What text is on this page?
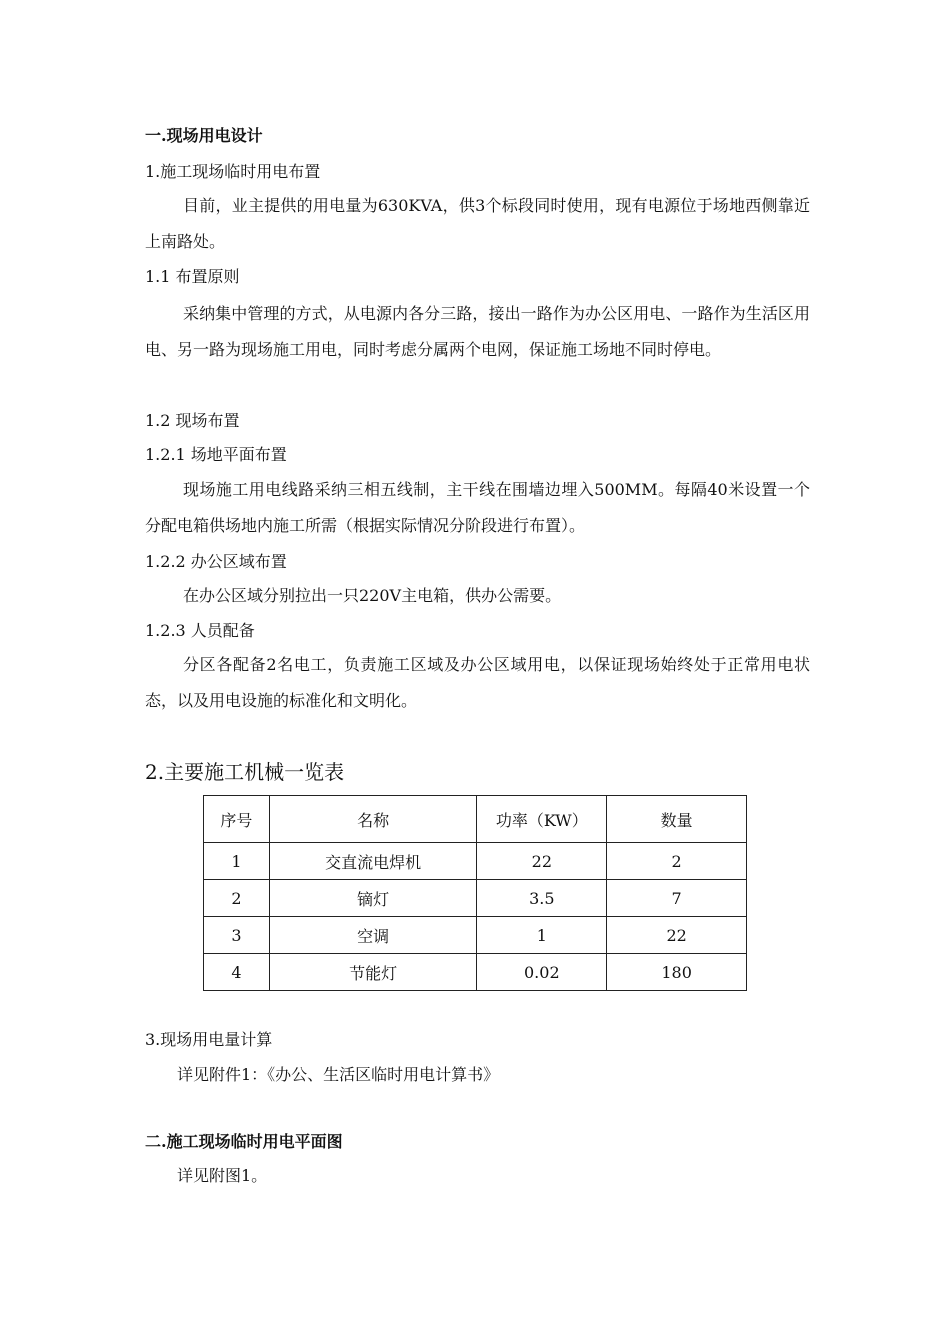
一.现场用电设计
1.施工现场临时用电布置
目前，业主提供的用电量为630KVA，供3个标段同时使用，现有电源位于场地西侧靠近上南路处。
1.1 布置原则
采纳集中管理的方式，从电源内各分三路，接出一路作为办公区用电、一路作为生活区用电、另一路为现场施工用电，同时考虑分属两个电网，保证施工场地不同时停电。
1.2 现场布置
1.2.1 场地平面布置
现场施工用电线路采纳三相五线制，主干线在围墙边埋入500MM。每隔40米设置一个分配电箱供场地内施工所需（根据实际情况分阶段进行布置）。
1.2.2 办公区域布置
在办公区域分别拉出一只220V主电箱，供办公需要。
1.2.3 人员配备
分区各配备2名电工，负责施工区域及办公区域用电，以保证现场始终处于正常用电状态，以及用电设施的标准化和文明化。
2.主要施工机械一览表
序号	名称	功率（KW）	数量
1	交直流电焊机	22	2
2	镝灯	3.5	7
3	空调	1	22
4	节能灯	0.02	180
3.现场用电量计算
详见附件1：《办公、生活区临时用电计算书》
二.施工现场临时用电平面图
详见附图1。
